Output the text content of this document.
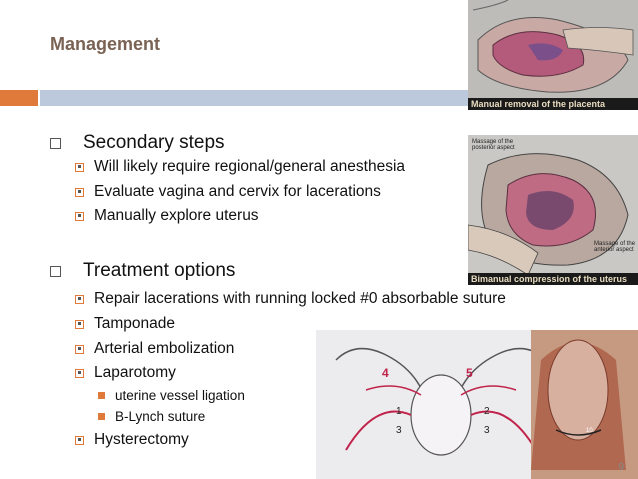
Management
Manual removal of the placenta
Massage of the posterior aspect
Massage of the anterior aspect
Bimanual compression of the uterus
4	5
1	2
3	3	10
Secondary steps
Will likely require regional/general anesthesia
Evaluate vagina and cervix for lacerations
Manually explore uterus
Treatment options
Repair lacerations with running locked #0 absorbable suture
Tamponade
Arterial embolization
Laparotomy
uterine vessel ligation
B-Lynch suture
Hysterectomy
9
